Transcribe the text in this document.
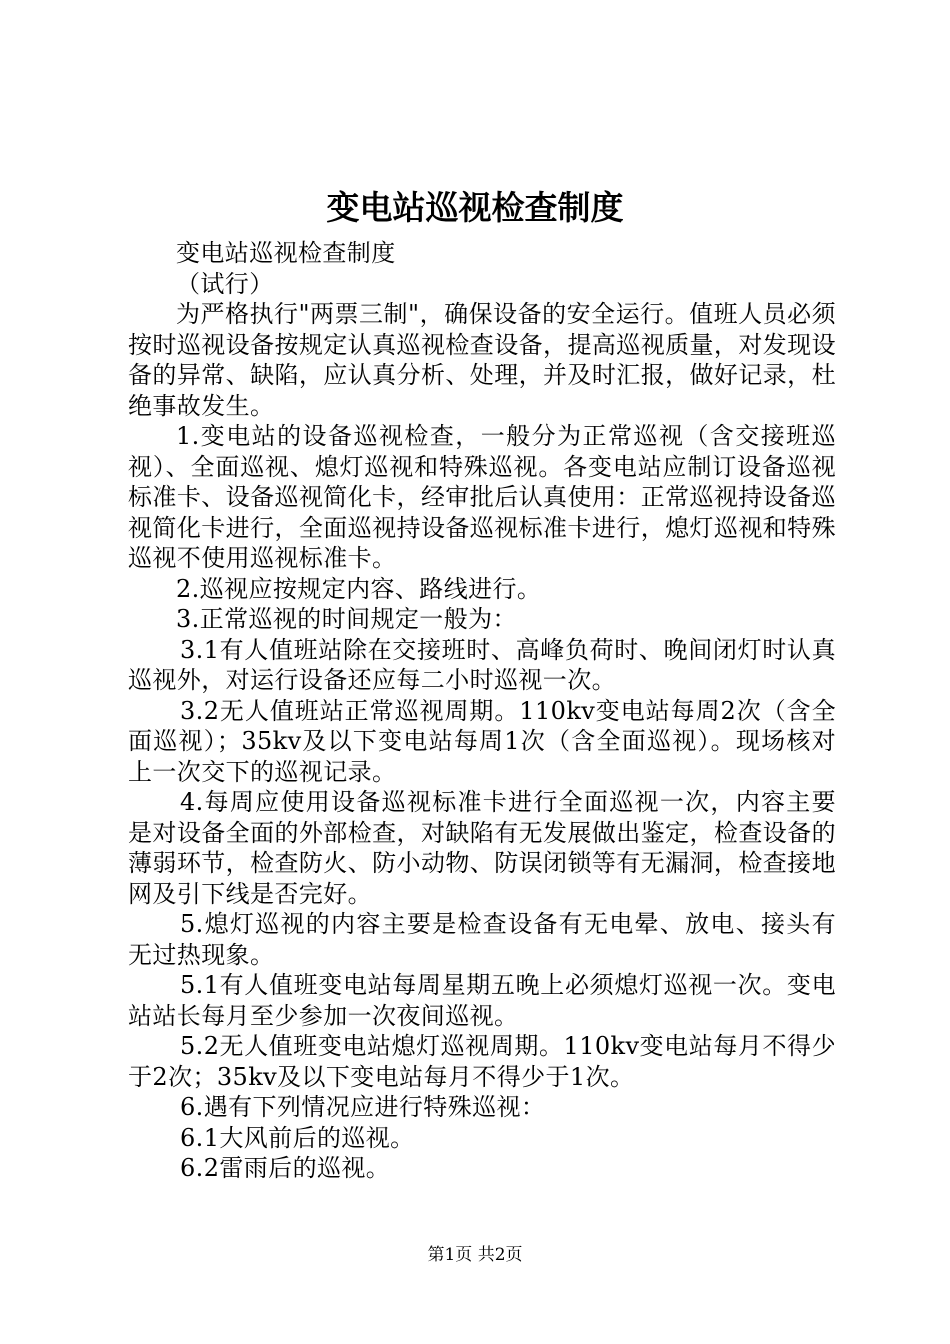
变电站巡视检查制度

变电站巡视检查制度

（试行）

为严格执行"两票三制"，确保设备的安全运行。值班人员必须按时巡视设备按规定认真巡视检查设备，提高巡视质量，对发现设备的异常、缺陷，应认真分析、处理，并及时汇报，做好记录，杜绝事故发生。

1.变电站的设备巡视检查，一般分为正常巡视（含交接班巡视）、全面巡视、熄灯巡视和特殊巡视。各变电站应制订设备巡视标准卡、设备巡视简化卡，经审批后认真使用：正常巡视持设备巡视简化卡进行，全面巡视持设备巡视标准卡进行，熄灯巡视和特殊巡视不使用巡视标准卡。

2.巡视应按规定内容、路线进行。

3.正常巡视的时间规定一般为：

3.1有人值班站除在交接班时、高峰负荷时、晚间闭灯时认真巡视外，对运行设备还应每二小时巡视一次。

3.2无人值班站正常巡视周期。110kv变电站每周2次（含全面巡视）；35kv及以下变电站每周1次（含全面巡视）。现场核对上一次交下的巡视记录。

4.每周应使用设备巡视标准卡进行全面巡视一次，内容主要是对设备全面的外部检查，对缺陷有无发展做出鉴定，检查设备的薄弱环节，检查防火、防小动物、防误闭锁等有无漏洞，检查接地网及引下线是否完好。

5.熄灯巡视的内容主要是检查设备有无电晕、放电、接头有无过热现象。

5.1有人值班变电站每周星期五晚上必须熄灯巡视一次。变电站站长每月至少参加一次夜间巡视。

5.2无人值班变电站熄灯巡视周期。110kv变电站每月不得少于2次；35kv及以下变电站每月不得少于1次。

6.遇有下列情况应进行特殊巡视：

6.1大风前后的巡视。

6.2雷雨后的巡视。

第1页 共2页
